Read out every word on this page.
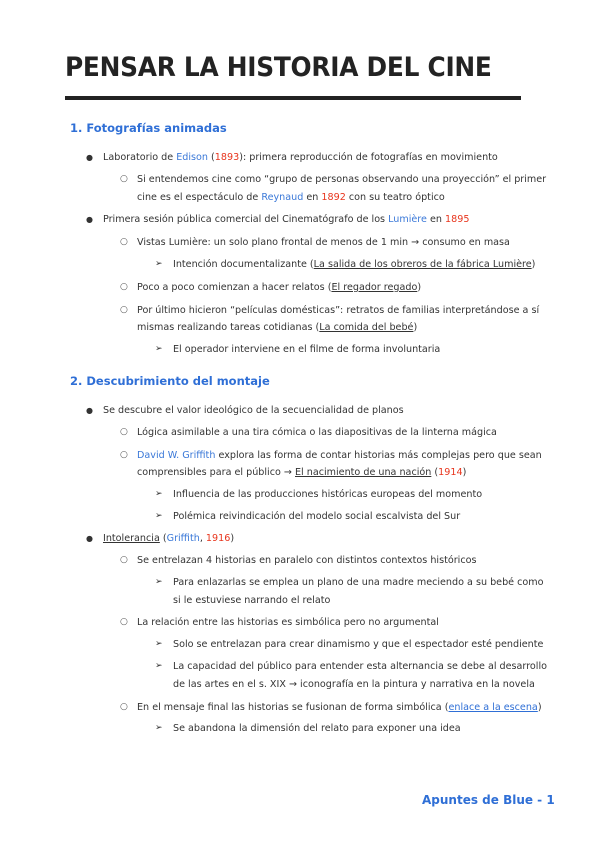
PENSAR LA HISTORIA DEL CINE
1. Fotografías animadas
● Laboratorio de Edison (1893): primera reproducción de fotografías en movimiento
○ Si entendemos cine como “grupo de personas observando una proyección” el primer
cine es el espectáculo de Reynaud en 1892 con su teatro óptico
● Primera sesión pública comercial del Cinematógrafo de los Lumière en 1895
○ Vistas Lumière: un solo plano frontal de menos de 1 min → consumo en masa
➢ Intención documentalizante (La salida de los obreros de la fábrica Lumière)
○ Poco a poco comienzan a hacer relatos (El regador regado)
○ Por último hicieron “películas domésticas”: retratos de familias interpretándose a sí
mismas realizando tareas cotidianas (La comida del bebé)
➢ El operador interviene en el filme de forma involuntaria
2. Descubrimiento del montaje
● Se descubre el valor ideológico de la secuencialidad de planos
○ Lógica asimilable a una tira cómica o las diapositivas de la linterna mágica
○ David W. Griffith explora las forma de contar historias más complejas pero que sean
comprensibles para el público → El nacimiento de una nación (1914)
➢ Influencia de las producciones históricas europeas del momento
➢ Polémica reivindicación del modelo social escalvista del Sur
● Intolerancia (Griffith, 1916)
○ Se entrelazan 4 historias en paralelo con distintos contextos históricos
➢ Para enlazarlas se emplea un plano de una madre meciendo a su bebé como
si le estuviese narrando el relato
○ La relación entre las historias es simbólica pero no argumental
➢ Solo se entrelazan para crear dinamismo y que el espectador esté pendiente
➢ La capacidad del público para entender esta alternancia se debe al desarrollo
de las artes en el s. XIX → iconografía en la pintura y narrativa en la novela
○ En el mensaje final las historias se fusionan de forma simbólica (enlace a la escena)
➢ Se abandona la dimensión del relato para exponer una idea
Apuntes de Blue - 1
